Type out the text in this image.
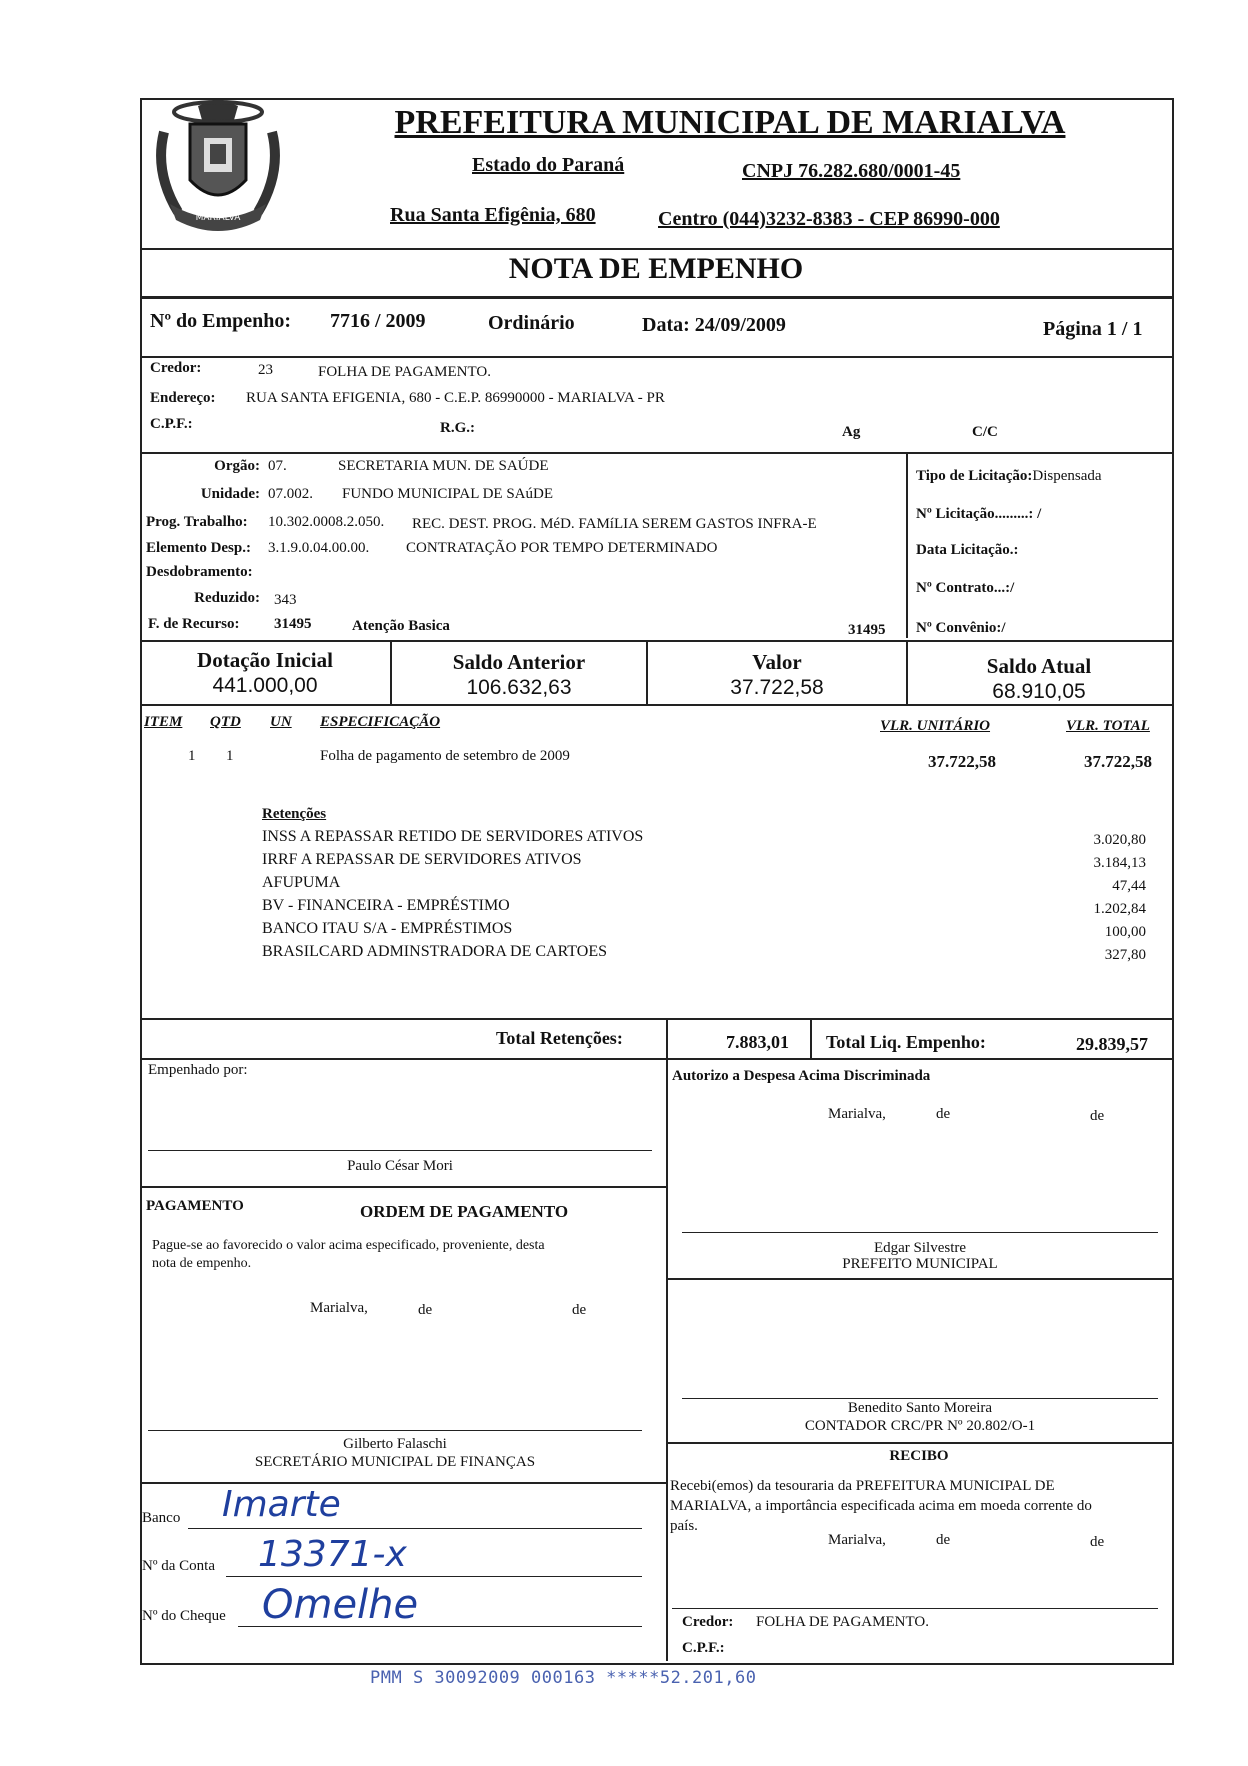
MARIALVA
PREFEITURA MUNICIPAL DE MARIALVA
Estado do Paraná	CNPJ 76.282.680/0001-45
Rua Santa Efigênia, 680	Centro (044)3232-8383 - CEP 86990-000
NOTA DE EMPENHO
Nº do Empenho: 7716 / 2009	Ordinário	Data: 24/09/2009	Página 1 / 1
Credor:	23	FOLHA DE PAGAMENTO.
Endereço: RUA SANTA EFIGENIA, 680 - C.E.P. 86990000 - MARIALVA - PR
C.P.F.:	R.G.:	Ag	C/C
Orgão: 07.	SECRETARIA MUN. DE SAÚDE
Unidade: 07.002. FUNDO MUNICIPAL DE SAúDE
Prog. Trabalho: 10.302.0008.2.050. REC. DEST. PROG. MéD. FAMíLIA SEREM GASTOS INFRA-E
Elemento Desp.: 3.1.9.0.04.00.00. CONTRATAÇÃO POR TEMPO DETERMINADO
Desdobramento:
Reduzido: 343
F. de Recurso: 31495	Atenção Basica	31495
Tipo de Licitação:Dispensada
Nº Licitação.........: /
Data Licitação.:
Nº Contrato...:/
Nº Convênio:/
Dotação Inicial
441.000,00
Saldo Anterior
106.632,63
Valor
37.722,58
Saldo Atual
68.910,05
ITEM QTD UN ESPECIFICAÇÃO	VLR. UNITÁRIO	VLR. TOTAL
1 1	Folha de pagamento de setembro de 2009	37.722,58	37.722,58
Retenções
INSS A REPASSAR RETIDO DE SERVIDORES ATIVOS	3.020,80
IRRF A REPASSAR DE SERVIDORES ATIVOS	3.184,13
AFUPUMA	47,44
BV - FINANCEIRA - EMPRÉSTIMO	1.202,84
BANCO ITAU S/A - EMPRÉSTIMOS	100,00
BRASILCARD ADMINSTRADORA DE CARTOES	327,80
Total Retenções:	7.883,01 Total Liq. Empenho:	29.839,57
Empenhado por:
Paulo César Mori
PAGAMENTO	ORDEM DE PAGAMENTO
Pague-se ao favorecido o valor acima especificado, proveniente, desta
nota de empenho.
Marialva,	de	de
Gilberto Falaschi
SECRETÁRIO MUNICIPAL DE FINANÇAS
Banco Imarte
Nº da Conta 13371-x
Nº do Cheque Omelhe
Autorizo a Despesa Acima Discriminada
Marialva,	de	de
Edgar Silvestre
PREFEITO MUNICIPAL
Benedito Santo Moreira
CONTADOR CRC/PR Nº 20.802/O-1
RECIBO
Recebi(emos) da tesouraria da PREFEITURA MUNICIPAL DE
MARIALVA, a importância especificada acima em moeda corrente do
país.
Marialva,	de	de
Credor: FOLHA DE PAGAMENTO.
C.P.F.:
PMM S 30092009 000163 *****52.201,60
